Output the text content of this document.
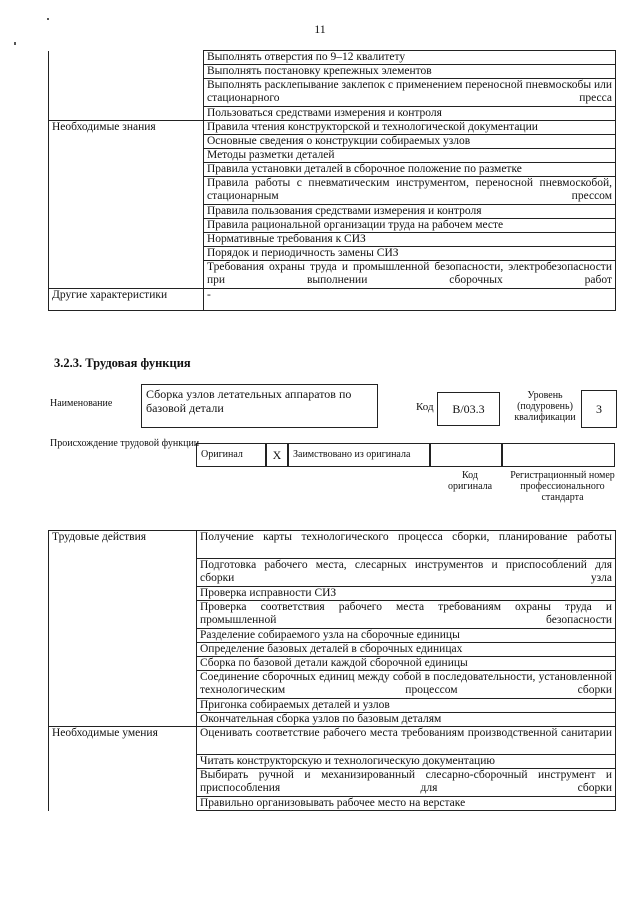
11
	Выполнять отверстия по 9–12 квалитету
	Выполнять постановку крепежных элементов
	Выполнять расклепывание заклепок с применением переносной пневмоскобы или стационарного пресса
	Пользоваться средствами измерения и контроля
Необходимые знания	Правила чтения конструкторской и технологической документации
	Основные сведения о конструкции собираемых узлов
	Методы разметки деталей
	Правила установки деталей в сборочное положение по разметке
	Правила работы с пневматическим инструментом, переносной пневмоскобой, стационарным прессом
	Правила пользования средствами измерения и контроля
	Правила рациональной организации труда на рабочем месте
	Нормативные требования к СИЗ
	Порядок и периодичность замены СИЗ
	Требования охраны труда и промышленной безопасности, электробезопасности при выполнении сборочных работ
Другие характеристики	-
3.2.3. Трудовая функция
Наименование
Сборка узлов летательных аппаратов по базовой детали	Код	B/03.3
Уровень (подуровень) квалификации
3
Происхождение трудовой функции
Оригинал	X	Заимствовано из оригинала
Код оригинала
Регистрационный номер профессионального стандарта
Трудовые действия	Получение карты технологического процесса сборки, планирование работы
	Подготовка рабочего места, слесарных инструментов и приспособлений для сборки узла
	Проверка исправности СИЗ
	Проверка соответствия рабочего места требованиям охраны труда и промышленной безопасности
	Разделение собираемого узла на сборочные единицы
	Определение базовых деталей в сборочных единицах
	Сборка по базовой детали каждой сборочной единицы
	Соединение сборочных единиц между собой в последовательности, установленной технологическим процессом сборки
	Пригонка собираемых деталей и узлов
	Окончательная сборка узлов по базовым деталям
Необходимые умения	Оценивать соответствие рабочего места требованиям производственной санитарии
	Читать конструкторскую и технологическую документацию
	Выбирать ручной и механизированный слесарно-сборочный инструмент и приспособления для сборки
	Правильно организовывать рабочее место на верстаке
